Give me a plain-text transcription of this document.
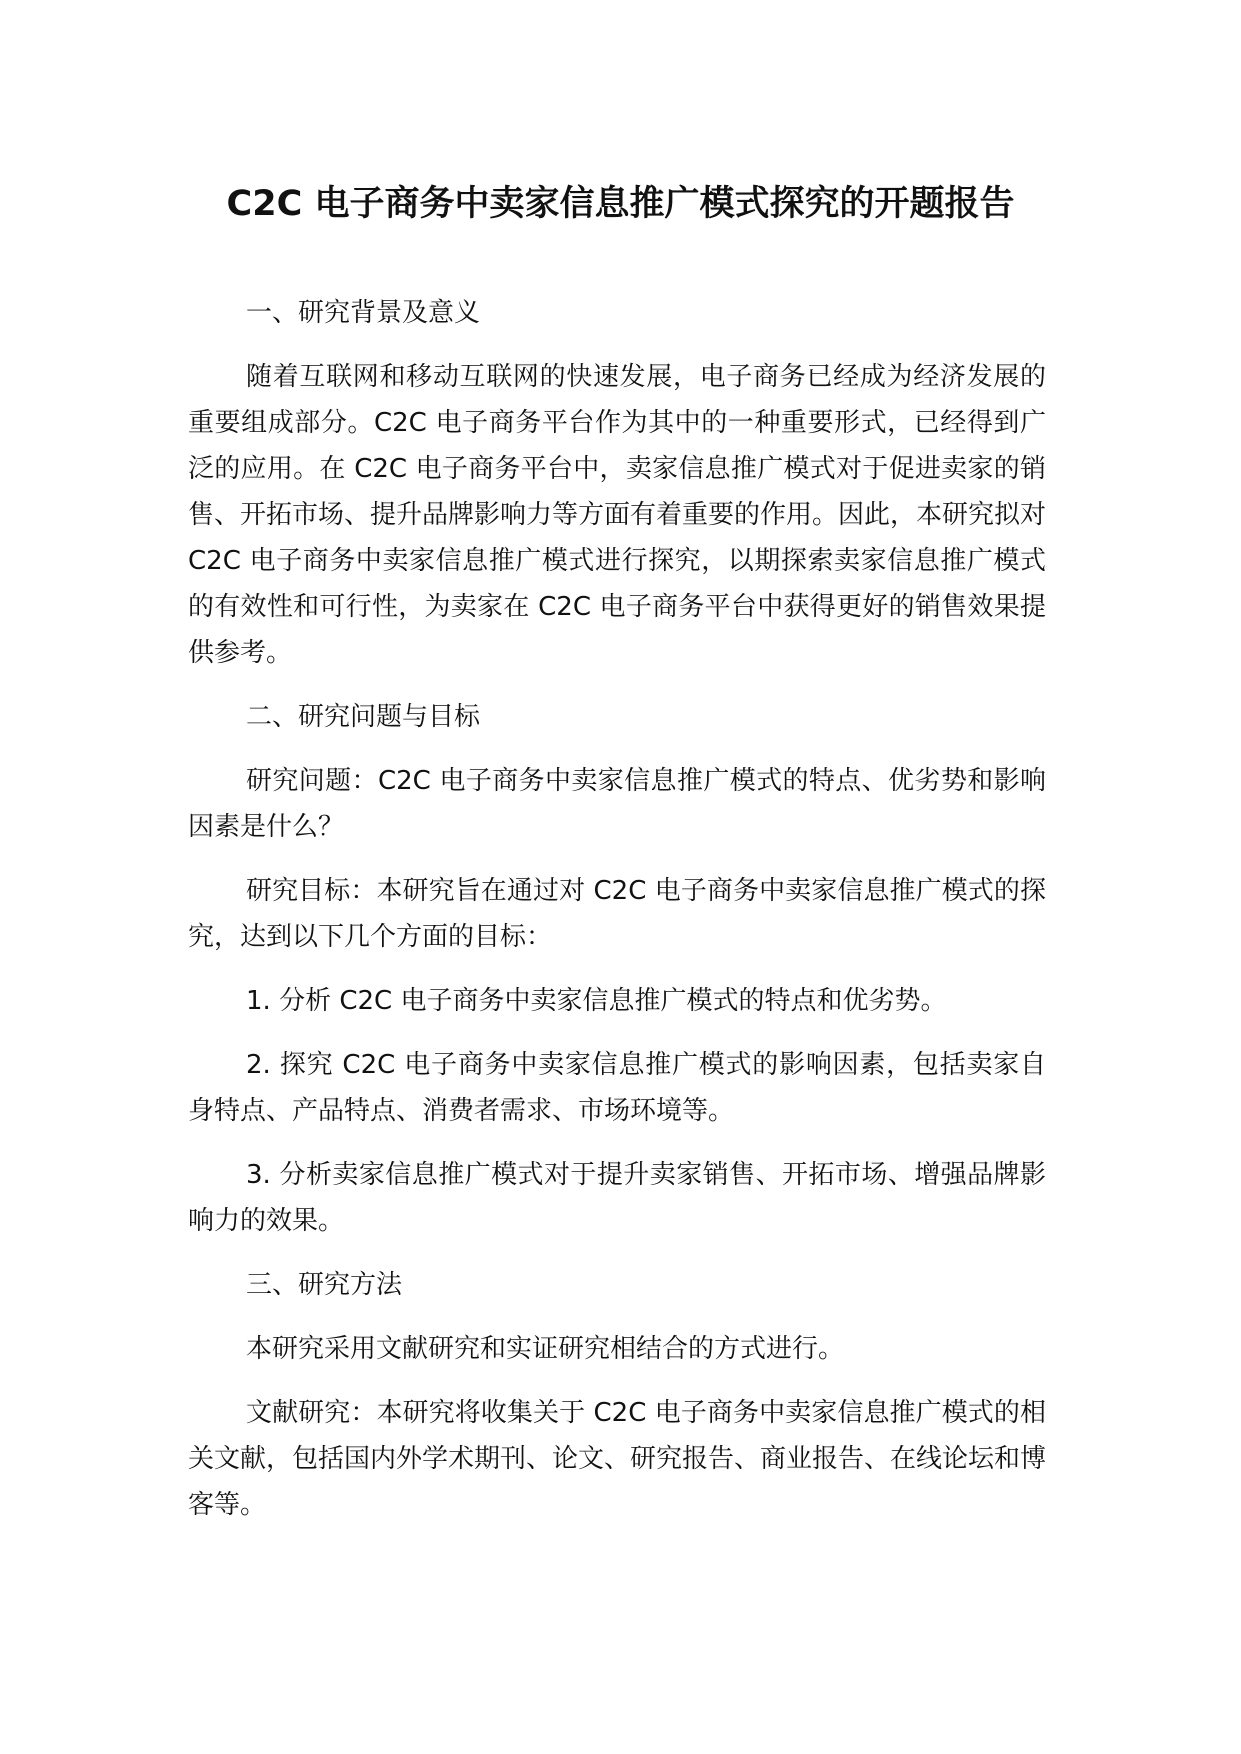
C2C 电子商务中卖家信息推广模式探究的开题报告

一、研究背景及意义

随着互联网和移动互联网的快速发展，电子商务已经成为经济发展的重要组成部分。C2C 电子商务平台作为其中的一种重要形式，已经得到广泛的应用。在 C2C 电子商务平台中，卖家信息推广模式对于促进卖家的销售、开拓市场、提升品牌影响力等方面有着重要的作用。因此，本研究拟对 C2C 电子商务中卖家信息推广模式进行探究，以期探索卖家信息推广模式的有效性和可行性，为卖家在 C2C 电子商务平台中获得更好的销售效果提供参考。

二、研究问题与目标

研究问题：C2C 电子商务中卖家信息推广模式的特点、优劣势和影响因素是什么？

研究目标：本研究旨在通过对 C2C 电子商务中卖家信息推广模式的探究，达到以下几个方面的目标：

1. 分析 C2C 电子商务中卖家信息推广模式的特点和优劣势。

2. 探究 C2C 电子商务中卖家信息推广模式的影响因素，包括卖家自身特点、产品特点、消费者需求、市场环境等。

3. 分析卖家信息推广模式对于提升卖家销售、开拓市场、增强品牌影响力的效果。

三、研究方法

本研究采用文献研究和实证研究相结合的方式进行。

文献研究：本研究将收集关于 C2C 电子商务中卖家信息推广模式的相关文献，包括国内外学术期刊、论文、研究报告、商业报告、在线论坛和博客等。
